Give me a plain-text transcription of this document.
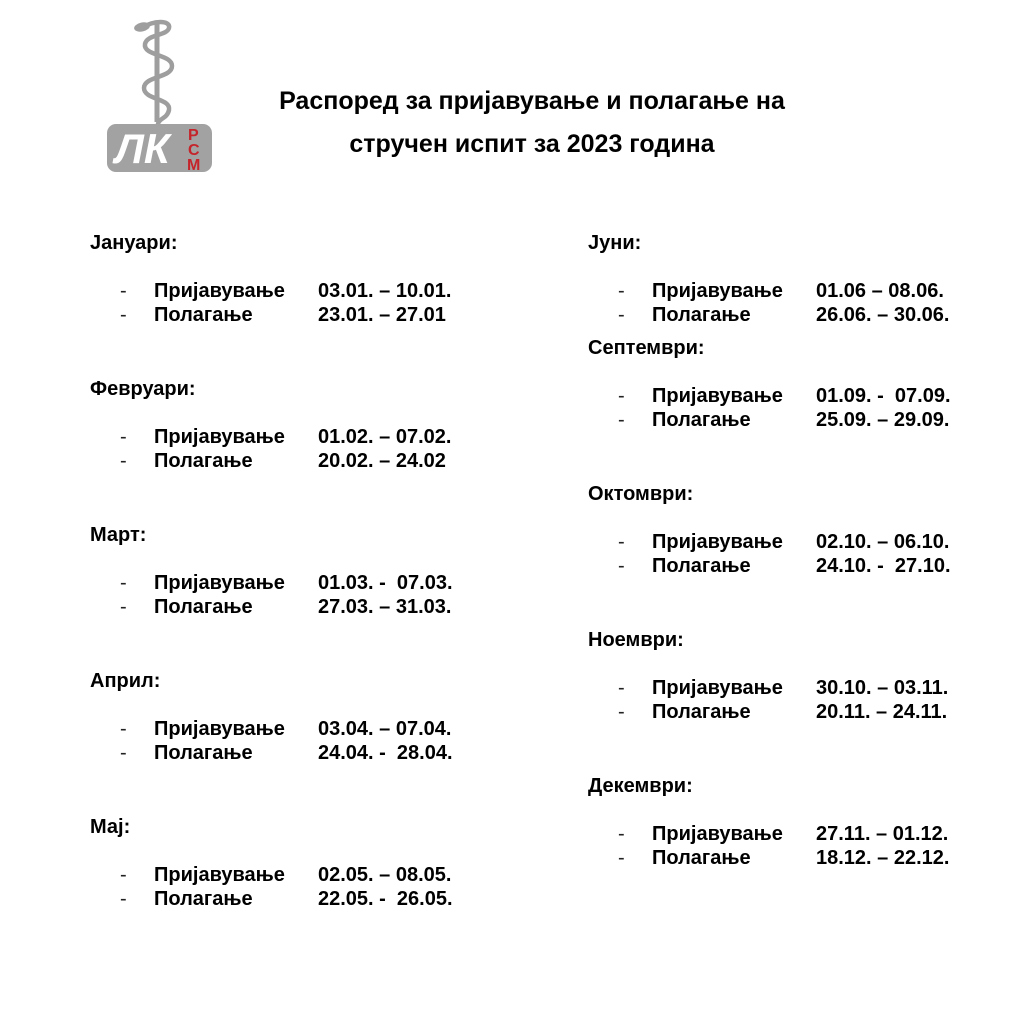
ЛК Р
С
М
Распоред за пријавување и полагање на
стручен испит за 2023 година
Јануари:
-	Пријавување	03.01. – 10.01.
-	Полагање	23.01. – 27.01
Февруари:
-	Пријавување	01.02. – 07.02.
-	Полагање	20.02. – 24.02
Март:
-	Пријавување	01.03. -  07.03.
-	Полагање	27.03. – 31.03.
Април:
-	Пријавување	03.04. – 07.04.
-	Полагање	24.04. -  28.04.
Мај:
-	Пријавување	02.05. – 08.05.
-	Полагање	22.05. -  26.05.
Јуни:
-	Пријавување	01.06 – 08.06.
-	Полагање	26.06. – 30.06.
Септември:
-	Пријавување	01.09. -  07.09.
-	Полагање	25.09. – 29.09.
Октомври:
-	Пријавување	02.10. – 06.10.
-	Полагање	24.10. -  27.10.
Ноември:
-	Пријавување	30.10. – 03.11.
-	Полагање	20.11. – 24.11.
Декември:
-	Пријавување	27.11. – 01.12.
-	Полагање	18.12. – 22.12.
